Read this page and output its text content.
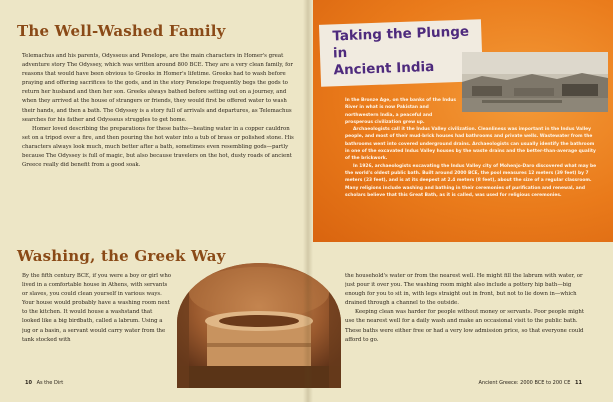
The Well-Washed Family

Telemachus and his parents, Odysseus and Penelope, are the main characters in Homer's great adventure story The Odyssey, which was written around 800 BCE. They are a very clean family, for reasons that would have been obvious to Greeks in Homer's lifetime. Greeks had to wash before praying and offering sacrifices to the gods, and in the story Penelope frequently begs the gods to return her husband and then her son. Greeks always bathed before setting out on a journey, and when they arrived at the house of strangers or friends, they would first be offered water to wash their hands, and then a bath. The Odyssey is a story full of arrivals and departures, as Telemachus searches for his father and Odysseus struggles to get home.

Homer loved describing the preparations for these baths—heating water in a copper cauldron set on a tripod over a fire, and then pouring the hot water into a tub of brass or polished stone. His characters always look much, much better after a bath, sometimes even resembling gods—partly because The Odyssey is full of magic, but also because travelers on the hot, dusty roads of ancient Greece really did benefit from a good soak.

Washing, the Greek Way

By the fifth century BCE, if you were a boy or girl who lived in a comfortable house in Athens, with servants or slaves, you could clean yourself in various ways. Your house would probably have a washing room next to the kitchen. It would house a washstand that looked like a big birdbath, called a labrum. Using a jug or a basin, a servant would carry water from the tank stocked with

Taking the Plunge in
Ancient India

In the Bronze Age, on the banks of the Indus River in what is now Pakistan and northwestern India, a peaceful and prosperous civilization grew up.

Archaeologists call it the Indus Valley civilization. Cleanliness was important in the Indus Valley people, and most of their mud-brick houses had bathrooms and private wells. Wastewater from the bathrooms went into covered underground drains. Archaeologists can usually identify the bathroom in one of the excavated Indus Valley houses by the waste drains and the better-than-average quality of the brickwork.

In 1926, archaeologists excavating the Indus Valley city of Mohenjo-Daro discovered what may be the world's oldest public bath. Built around 2000 BCE, the pool measures 12 meters (39 feet) by 7 meters (23 feet), and is at its deepest at 2.4 meters (8 feet), about the size of a regular classroom. Many religions include washing and bathing in their ceremonies of purification and renewal, and scholars believe that this Great Bath, as it is called, was used for religious ceremonies.

the household's water or from the nearest well. He might fill the labrum with water, or just pour it over you. The washing room might also include a pottery hip bath—big enough for you to sit in, with legs straight out in front, but not to lie down in—which drained through a channel to the outside.

Keeping clean was harder for people without money or servants. Poor people might use the nearest well for a daily wash and make an occasional visit to the public bath. These baths were either free or had a very low admission price, so that everyone could afford to go.

10 As the Dirt	Ancient Greece: 2000 BCE to 200 CE 11
